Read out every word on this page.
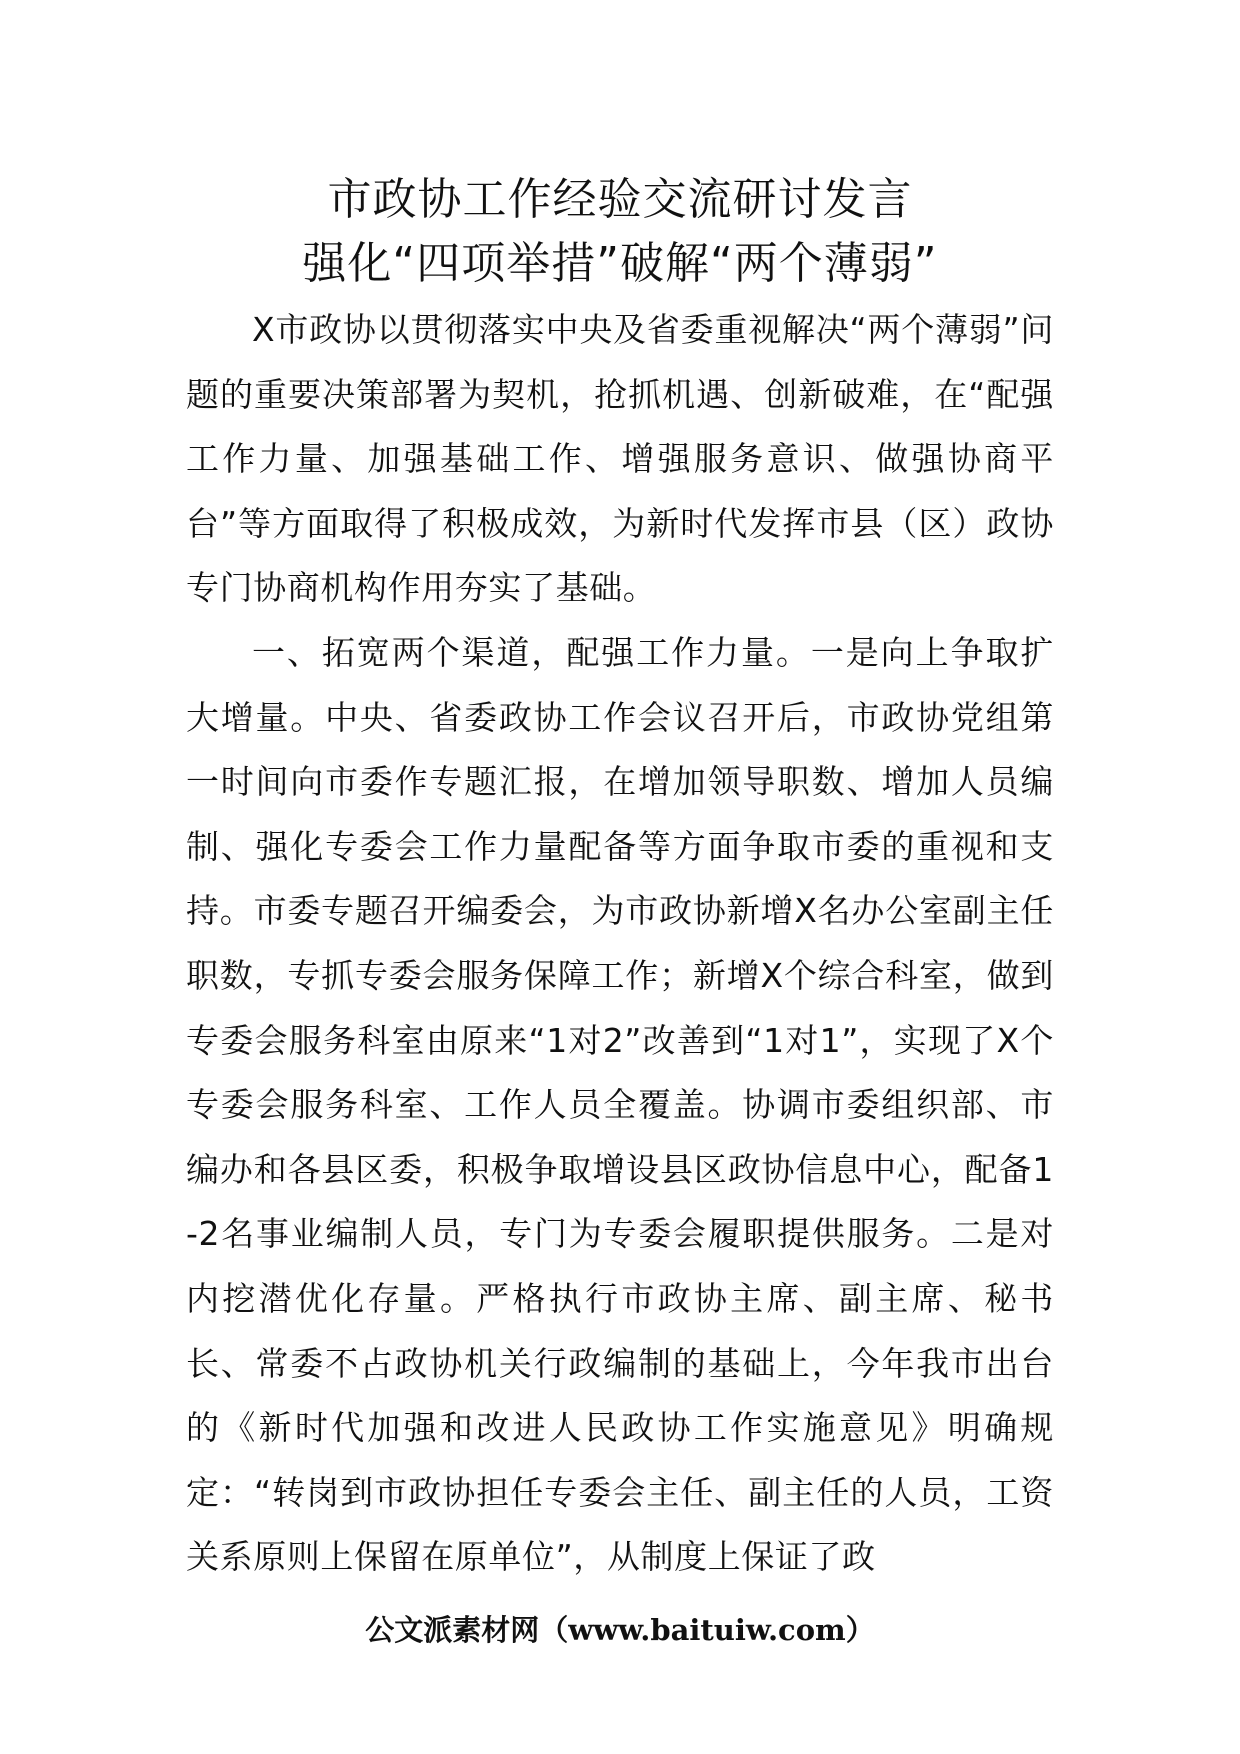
市政协工作经验交流研讨发言
强化“四项举措”破解“两个薄弱”

X市政协以贯彻落实中央及省委重视解决“两个薄弱”问题的重要决策部署为契机，抢抓机遇、创新破难，在“配强工作力量、加强基础工作、增强服务意识、做强协商平台”等方面取得了积极成效，为新时代发挥市县（区）政协专门协商机构作用夯实了基础。

一、拓宽两个渠道，配强工作力量。一是向上争取扩大增量。中央、省委政协工作会议召开后，市政协党组第一时间向市委作专题汇报，在增加领导职数、增加人员编制、强化专委会工作力量配备等方面争取市委的重视和支持。市委专题召开编委会，为市政协新增X名办公室副主任职数，专抓专委会服务保障工作；新增X个综合科室，做到专委会服务科室由原来“1对2”改善到“1对1”，实现了X个专委会服务科室、工作人员全覆盖。协调市委组织部、市编办和各县区委，积极争取增设县区政协信息中心，配备1-2名事业编制人员，专门为专委会履职提供服务。二是对内挖潜优化存量。严格执行市政协主席、副主席、秘书长、常委不占政协机关行政编制的基础上，今年我市出台的《新时代加强和改进人民政协工作实施意见》明确规定：“转岗到市政协担任专委会主任、副主任的人员，工资关系原则上保留在原单位”，从制度上保证了政

公文派素材网（www.baituiw.com）
